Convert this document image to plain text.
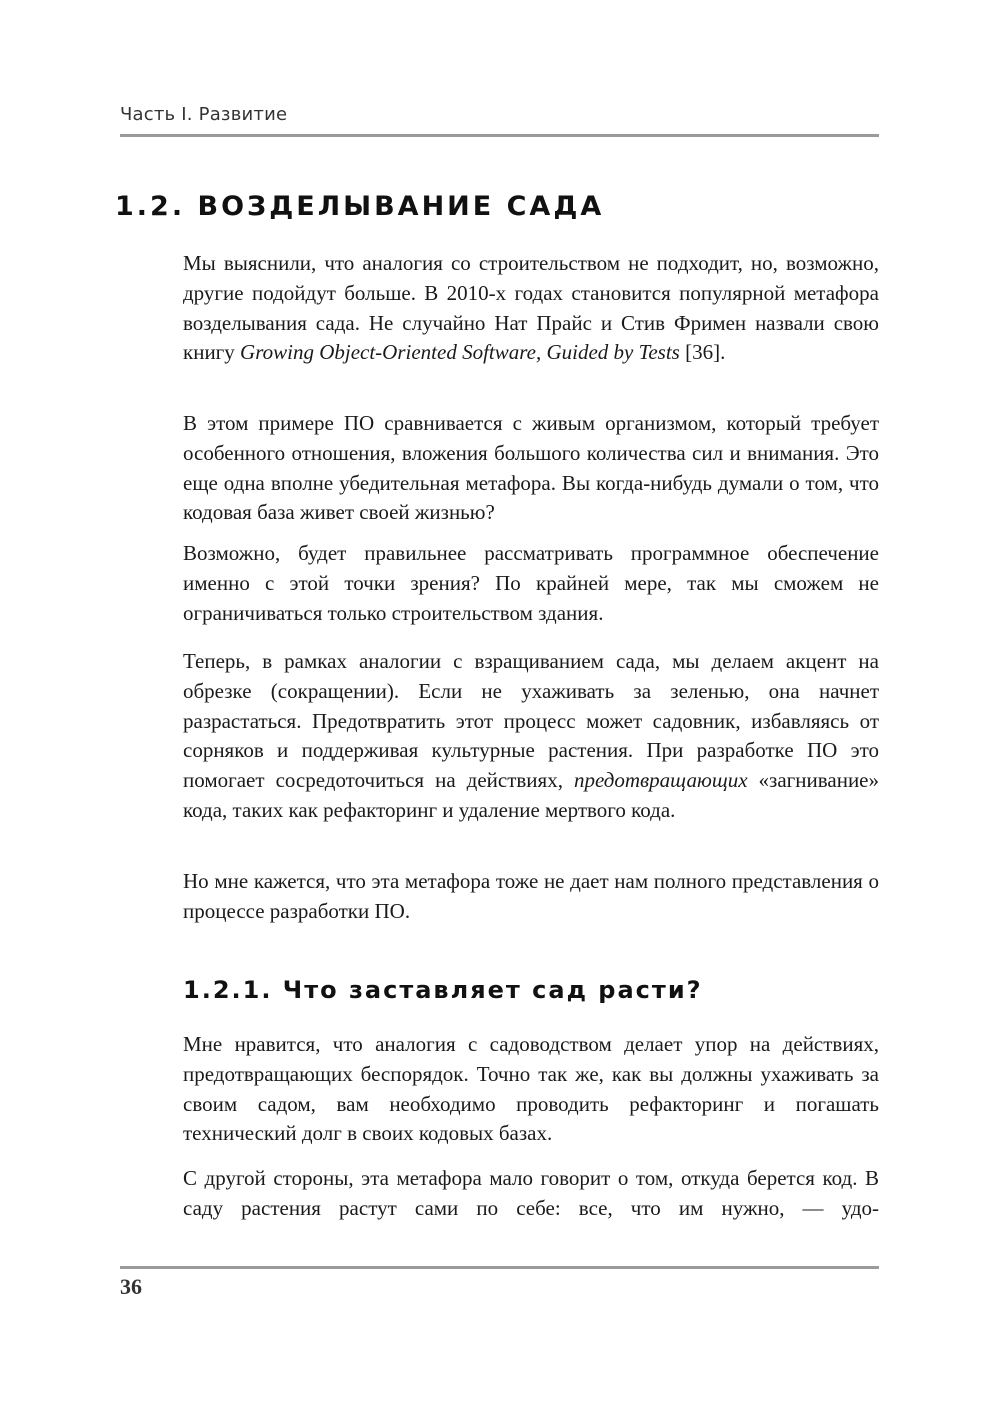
Часть I. Развитие
1.2. ВОЗДЕЛЫВАНИЕ САДА

Мы выяснили, что аналогия со строительством не подходит, но, возможно, другие подойдут больше. В 2010-х годах становится популярной метафора возделывания сада. Не случайно Нат Прайс и Стив Фримен назвали свою книгу Growing Object-Oriented Software, Guided by Tests [36].

В этом примере ПО сравнивается с живым организмом, который требует особенного отношения, вложения большого количества сил и внимания. Это еще одна вполне убедительная метафора. Вы когда-нибудь думали о том, что кодовая база живет своей жизнью?

Возможно, будет правильнее рассматривать программное обеспечение именно с этой точки зрения? По крайней мере, так мы сможем не ограничиваться только строительством здания.

Теперь, в рамках аналогии с взращиванием сада, мы делаем акцент на обрезке (сокращении). Если не ухаживать за зеленью, она начнет разрастаться. Предотвратить этот процесс может садовник, избавляясь от сорняков и поддерживая культурные растения. При разработке ПО это помогает сосредоточиться на действиях, предотвращающих «загнивание» кода, таких как рефакторинг и удаление мертвого кода.

Но мне кажется, что эта метафора тоже не дает нам полного представления о процессе разработки ПО.

1.2.1. Что заставляет сад расти?

Мне нравится, что аналогия с садоводством делает упор на действиях, предотвращающих беспорядок. Точно так же, как вы должны ухаживать за своим садом, вам необходимо проводить рефакторинг и погашать технический долг в своих кодовых базах.

С другой стороны, эта метафора мало говорит о том, откуда берется код. В саду растения растут сами по себе: все, что им нужно, — удо-

36
